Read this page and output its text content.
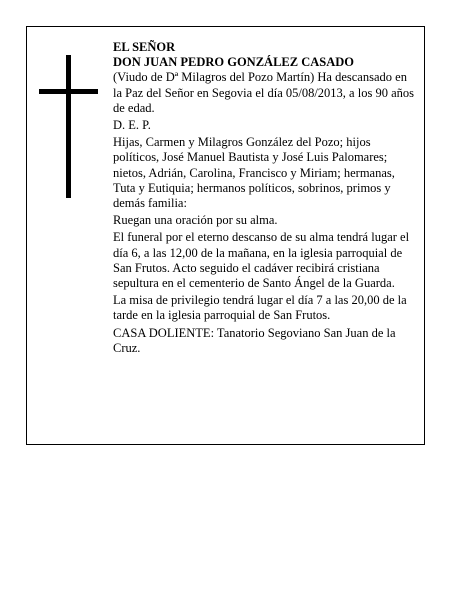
EL SEÑOR
DON JUAN PEDRO GONZÁLEZ CASADO

(Viudo de Dª Milagros del Pozo Martín) Ha descansado en la Paz del Señor en Segovia el día 05/08/2013, a los 90 años de edad.

D. E. P.

Hijas, Carmen y Milagros González del Pozo; hijos políticos, José Manuel Bautista y José Luis Palomares; nietos, Adrián, Carolina, Francisco y Miriam; hermanas, Tuta y Eutiquia; hermanos políticos, sobrinos, primos y demás familia:

Ruegan una oración por su alma.

El funeral por el eterno descanso de su alma tendrá lugar el día 6, a las 12,00 de la mañana, en la iglesia parroquial de San Frutos. Acto seguido el cadáver recibirá cristiana sepultura en el cementerio de Santo Ángel de la Guarda.

La misa de privilegio tendrá lugar el día 7 a las 20,00 de la tarde en la iglesia parroquial de San Frutos.

CASA DOLIENTE: Tanatorio Segoviano San Juan de la Cruz.
